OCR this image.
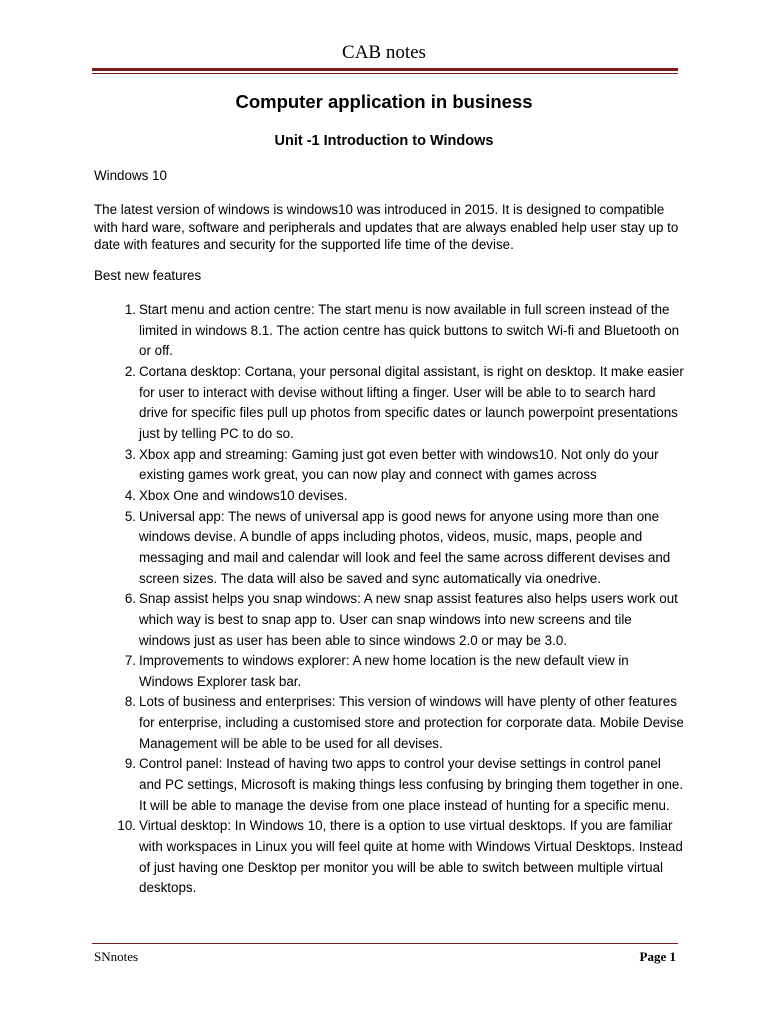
CAB notes
Computer application in business
Unit -1 Introduction to Windows
Windows 10
The latest version of windows is windows10 was introduced in 2015. It is designed to compatible with hard ware, software and peripherals and updates that are always enabled help user stay up to date with features and security for the supported life time of the devise.
Best new features
1. Start menu and action centre: The start menu is now available in full screen instead of the limited in windows 8.1. The action centre has quick buttons to switch Wi-fi and Bluetooth on or off.
2. Cortana desktop: Cortana, your personal digital assistant, is right on desktop. It make easier for user to interact with devise without lifting a finger. User will be able to to search hard drive for specific files pull up photos from specific dates or launch powerpoint presentations just by telling PC to do so.
3. Xbox app and streaming: Gaming just got even better with windows10. Not only do your existing games work great, you can now play and connect with games across
4. Xbox One and windows10 devises.
5. Universal app: The news of universal app is good news for anyone using more than one windows devise. A bundle of apps including photos, videos, music, maps, people and messaging and mail and calendar will look and feel the same across different devises and screen sizes. The data will also be saved and sync automatically via onedrive.
6. Snap assist helps you snap windows: A new snap assist features also helps users work out which way is best to snap app to. User can snap windows into new screens and tile windows just as user has been able to since windows 2.0 or may be 3.0.
7. Improvements to windows explorer: A new home location is the new default view in Windows Explorer task bar.
8. Lots of business and enterprises: This version of windows will have plenty of other features for enterprise, including a customised store and protection for corporate data. Mobile Devise Management will be able to be used for all devises.
9. Control panel: Instead of having two apps to control your devise settings in control panel and PC settings, Microsoft is making things less confusing by bringing them together in one. It will be able to manage the devise from one place instead of hunting for a specific menu.
10. Virtual desktop: In Windows 10, there is a option to use virtual desktops. If you are familiar with workspaces in Linux you will feel quite at home with Windows Virtual Desktops. Instead of just having one Desktop per monitor you will be able to switch between multiple virtual desktops.
SNnotes	Page 1
